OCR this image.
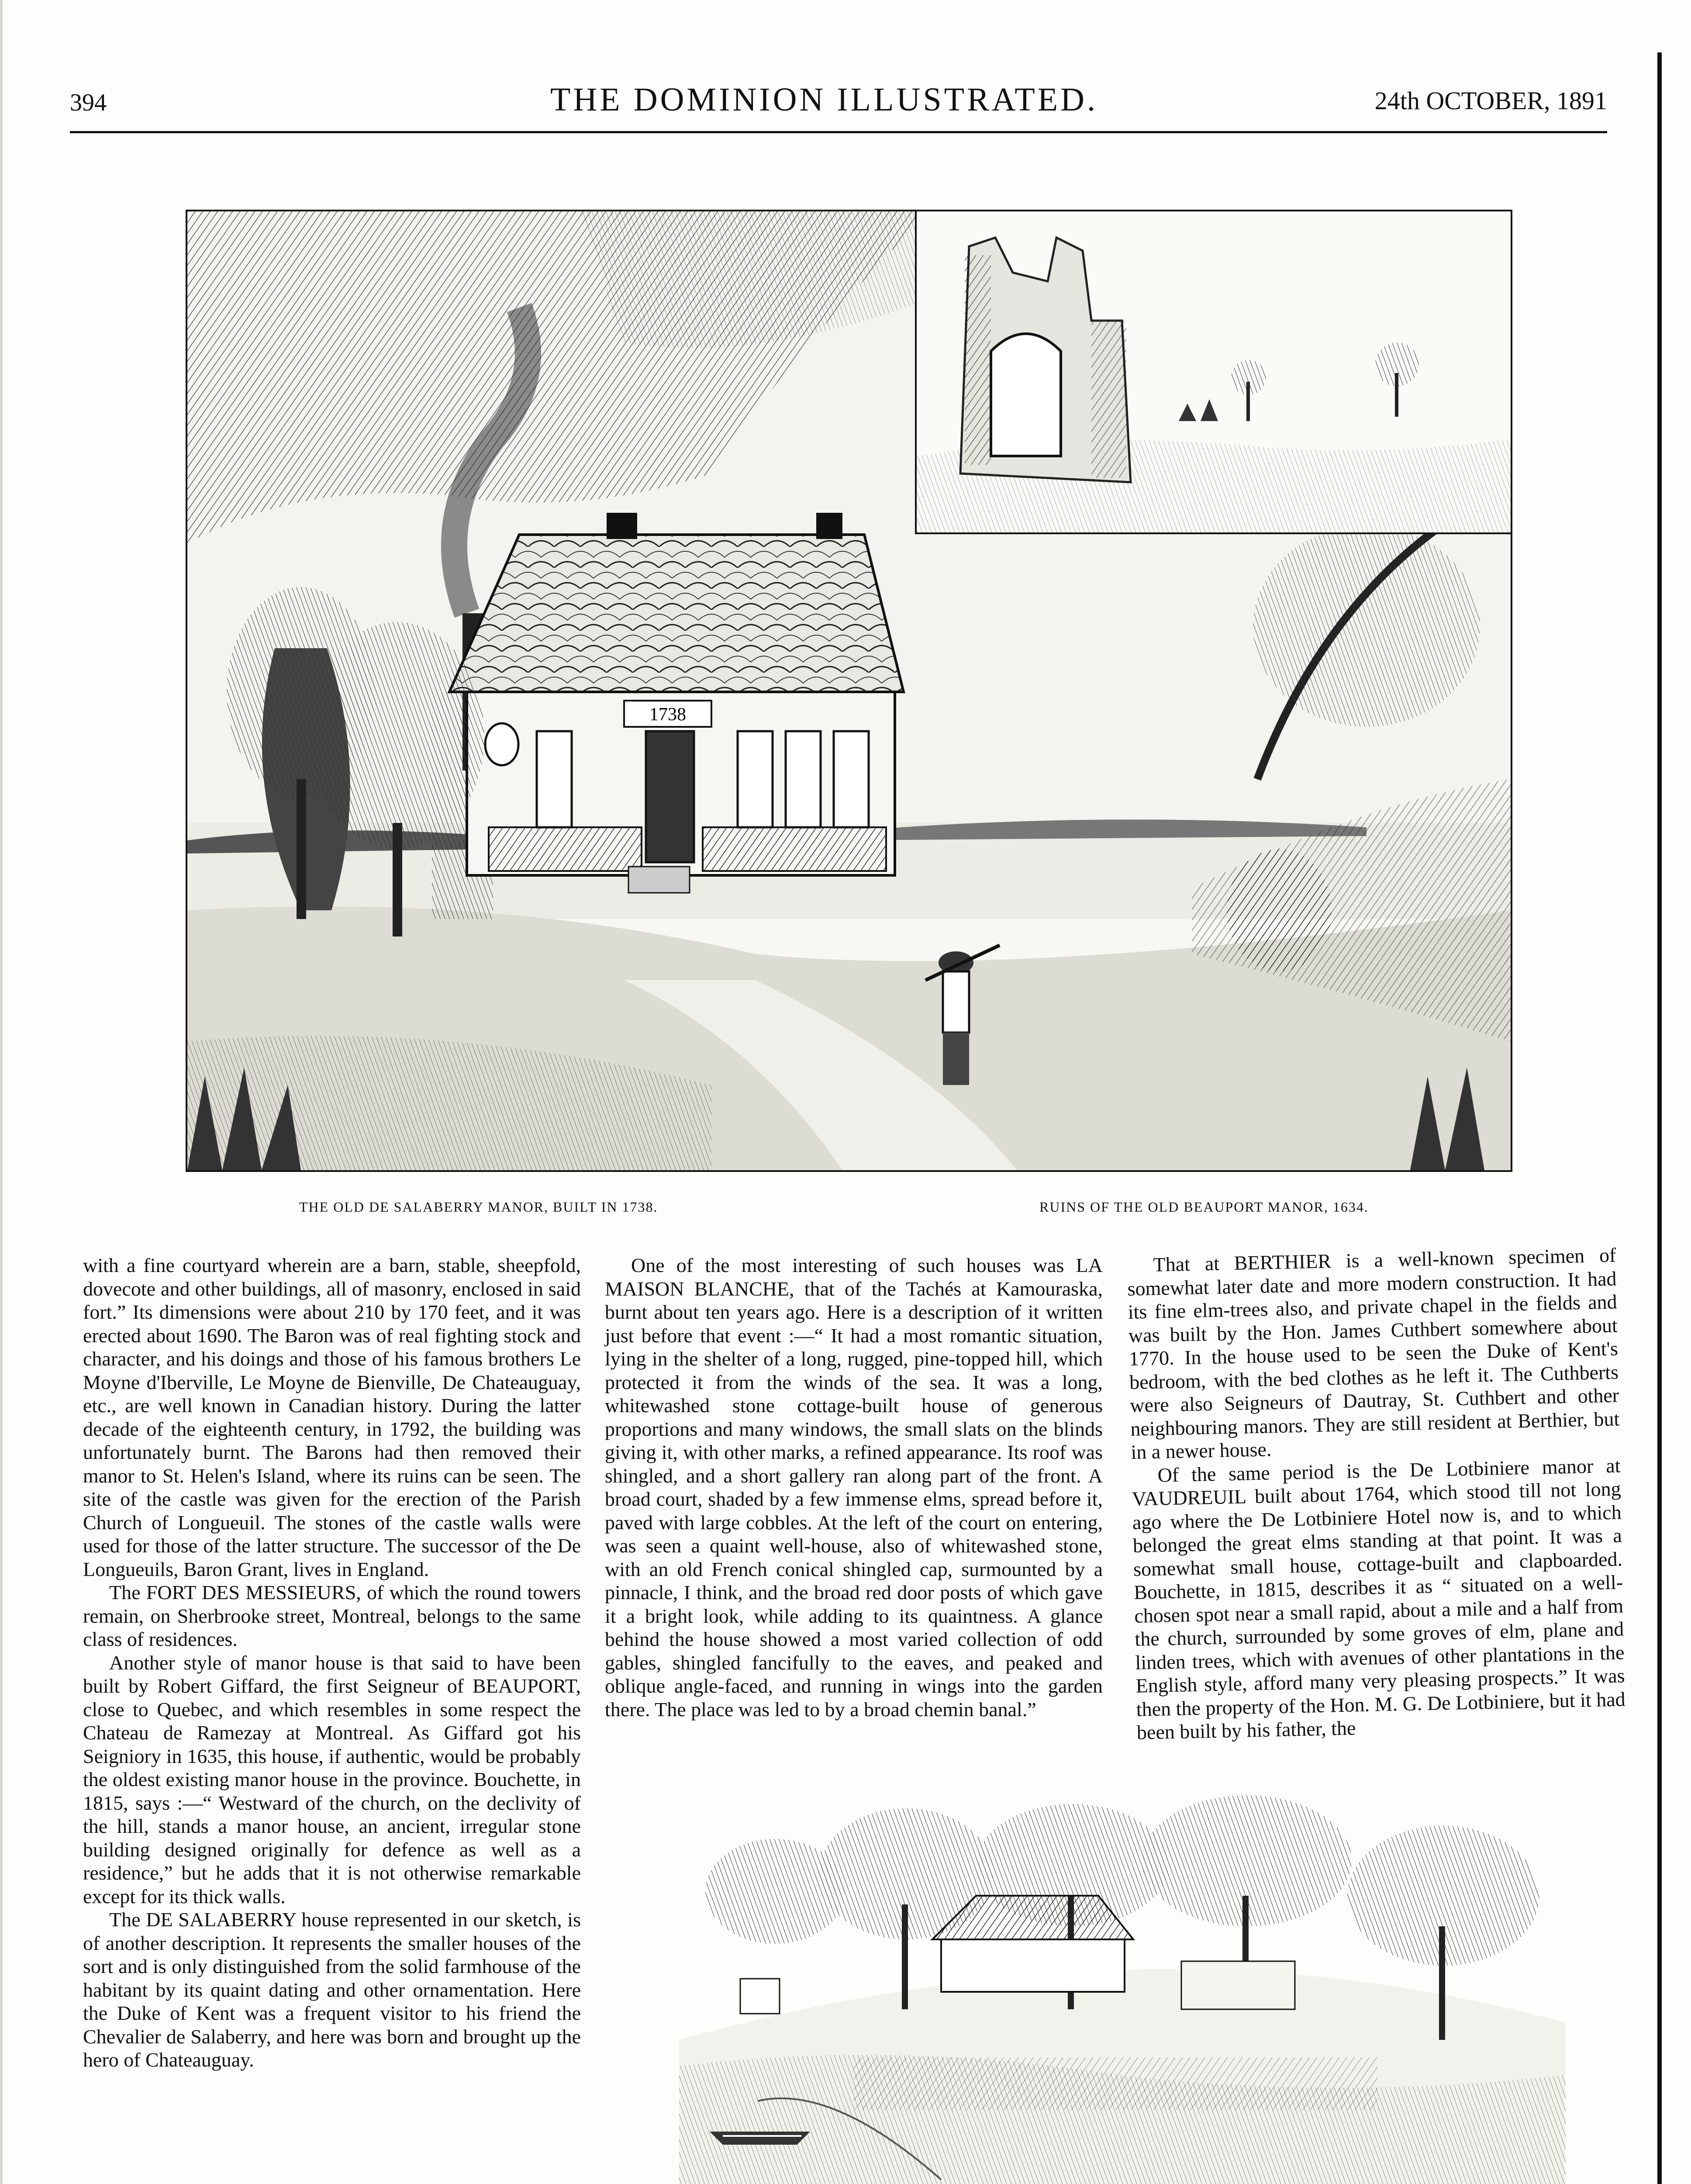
394	THE DOMINION ILLUSTRATED.	24th OCTOBER, 1891
1738
THE OLD DE SALABERRY MANOR, BUILT IN 1738.	RUINS OF THE OLD BEAUPORT MANOR, 1634.

with a fine courtyard wherein are a barn, stable, sheepfold, dovecote and other buildings, all of masonry, enclosed in said fort.” Its dimensions were about 210 by 170 feet, and it was erected about 1690. The Baron was of real fighting stock and character, and his doings and those of his famous brothers Le Moyne d'Iberville, Le Moyne de Bienville, De Chateauguay, etc., are well known in Canadian history. During the latter decade of the eighteenth century, in 1792, the building was unfortunately burnt. The Barons had then removed their manor to St. Helen's Island, where its ruins can be seen. The site of the castle was given for the erection of the Parish Church of Longueuil. The stones of the castle walls were used for those of the latter structure. The successor of the De Longueuils, Baron Grant, lives in England.

The FORT DES MESSIEURS, of which the round towers remain, on Sherbrooke street, Montreal, belongs to the same class of residences.

Another style of manor house is that said to have been built by Robert Giffard, the first Seigneur of BEAUPORT, close to Quebec, and which resembles in some respect the Chateau de Ramezay at Montreal. As Giffard got his Seigniory in 1635, this house, if authentic, would be probably the oldest existing manor house in the province. Bouchette, in 1815, says :—“ Westward of the church, on the declivity of the hill, stands a manor house, an ancient, irregular stone building designed originally for defence as well as a residence,” but he adds that it is not otherwise remarkable except for its thick walls.

The DE SALABERRY house represented in our sketch, is of another description. It represents the smaller houses of the sort and is only distinguished from the solid farmhouse of the habitant by its quaint dating and other ornamentation. Here the Duke of Kent was a frequent visitor to his friend the Chevalier de Salaberry, and here was born and brought up the hero of Chateauguay.

One of the most interesting of such houses was LA MAISON BLANCHE, that of the Tachés at Kamouraska, burnt about ten years ago. Here is a description of it written just before that event :—“ It had a most romantic situation, lying in the shelter of a long, rugged, pine-topped hill, which protected it from the winds of the sea. It was a long, whitewashed stone cottage-built house of generous proportions and many windows, the small slats on the blinds giving it, with other marks, a refined appearance. Its roof was shingled, and a short gallery ran along part of the front. A broad court, shaded by a few immense elms, spread before it, paved with large cobbles. At the left of the court on entering, was seen a quaint well-house, also of whitewashed stone, with an old French conical shingled cap, surmounted by a pinnacle, I think, and the broad red door posts of which gave it a bright look, while adding to its quaintness. A glance behind the house showed a most varied collection of odd gables, shingled fancifully to the eaves, and peaked and oblique angle-faced, and running in wings into the garden there. The place was led to by a broad chemin banal.”

That at BERTHIER is a well-known specimen of somewhat later date and more modern construction. It had its fine elm-trees also, and private chapel in the fields and was built by the Hon. James Cuthbert somewhere about 1770. In the house used to be seen the Duke of Kent's bedroom, with the bed clothes as he left it. The Cuthberts were also Seigneurs of Dautray, St. Cuthbert and other neighbouring manors. They are still resident at Berthier, but in a newer house.

Of the same period is the De Lotbiniere manor at VAUDREUIL built about 1764, which stood till not long ago where the De Lotbiniere Hotel now is, and to which belonged the great elms standing at that point. It was a somewhat small house, cottage-built and clapboarded. Bouchette, in 1815, describes it as “ situated on a well-chosen spot near a small rapid, about a mile and a half from the church, surrounded by some groves of elm, plane and linden trees, which with avenues of other plantations in the English style, afford many very pleasing prospects.” It was then the property of the Hon. M. G. De Lotbiniere, but it had been built by his father, the
